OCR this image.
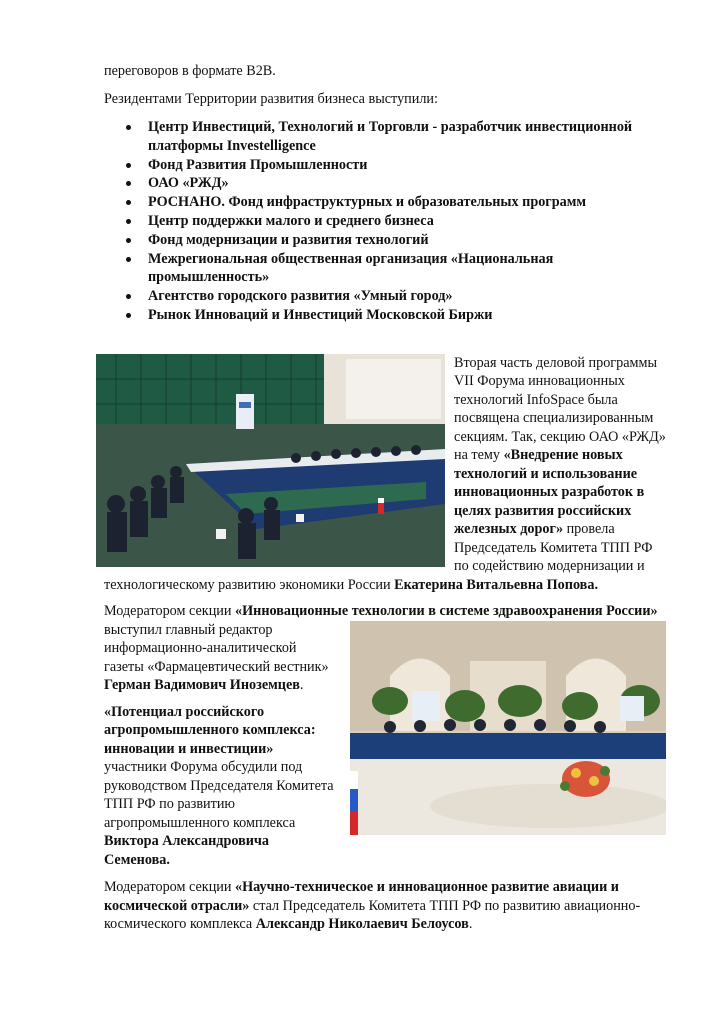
переговоров в формате B2B.

Резидентами Территории развития бизнеса выступили:

Центр Инвестиций, Технологий и Торговли - разработчик инвестиционной платформы Investelligence
Фонд Развития Промышленности
ОАО «РЖД»
РОСНАНО. Фонд инфраструктурных и образовательных программ
Центр поддержки малого и среднего бизнеса
Фонд модернизации и развития технологий
Межрегиональная общественная организация «Национальная промышленность»
Агентство городского развития «Умный город»
Рынок Инноваций и Инвестиций Московской Биржи

Вторая часть деловой программы VII Форума инновационных технологий InfoSpace была посвящена специализированным секциям. Так, секцию ОАО «РЖД» на тему «Внедрение новых технологий и использование инновационных разработок в целях развития российских железных дорог» провела Председатель Комитета ТПП РФ по содействию модернизации и технологическому развитию экономики России Екатерина Витальевна Попова.

Модератором секции «Инновационные технологии в системе здравоохранения России»

выступил главный редактор информационно-аналитической газеты «Фармацевтический вестник» Герман Вадимович Иноземцев.

«Потенциал российского агропромышленного комплекса: инновации и инвестиции» участники Форума обсудили под руководством Председателя Комитета ТПП РФ по развитию агропромышленного комплекса Виктора Александровича Семенова.

Модератором секции «Научно-техническое и инновационное развитие авиации и космической отрасли» стал Председатель Комитета ТПП РФ по развитию авиационно-космического комплекса Александр Николаевич Белоусов.
